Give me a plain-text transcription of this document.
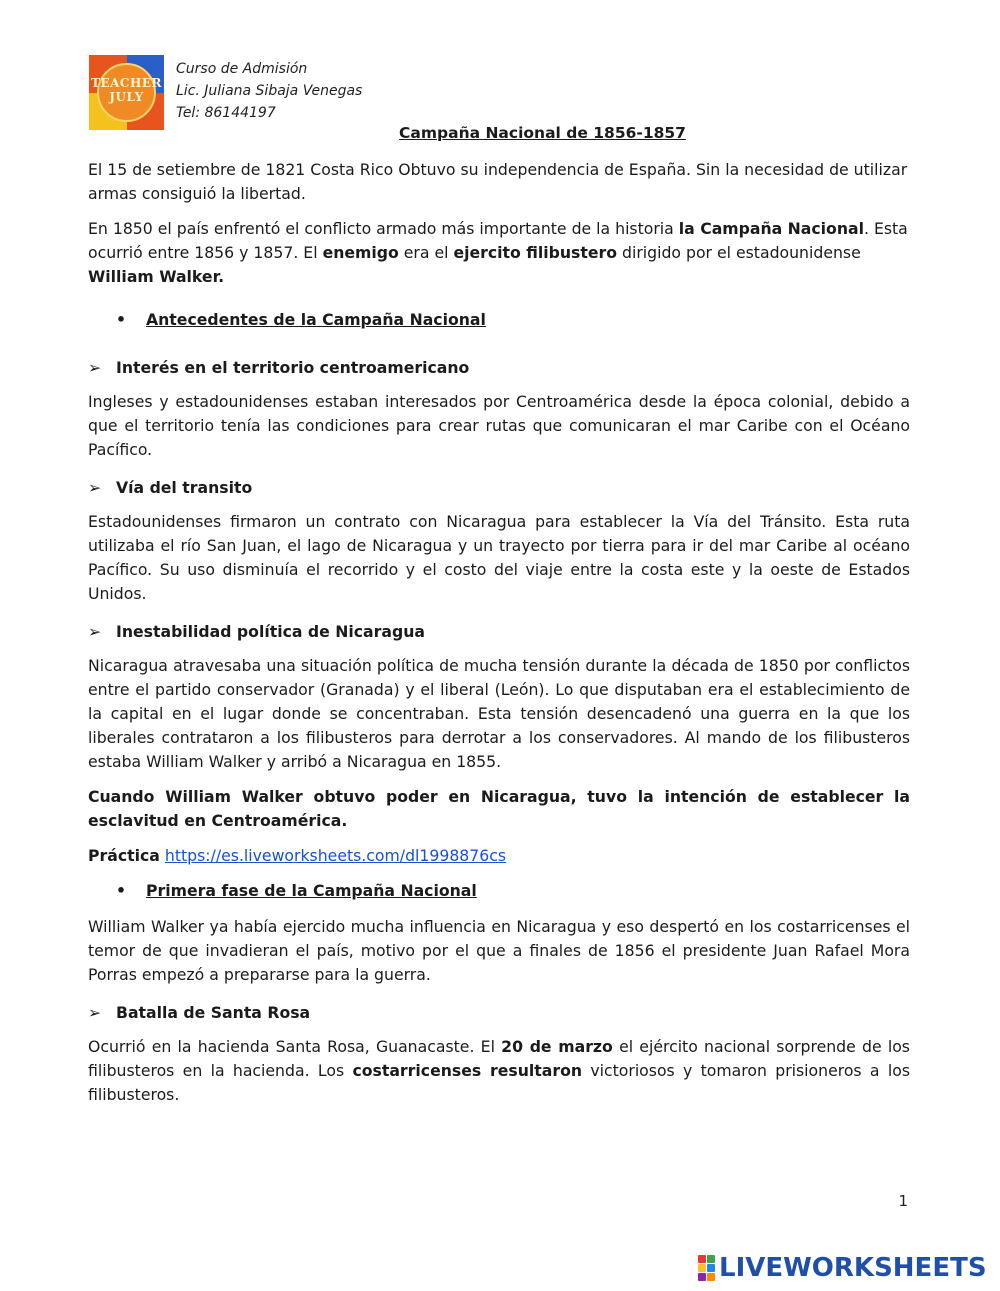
TEACHER
JULY
Curso de Admisión
Lic. Juliana Sibaja Venegas
Tel: 86144197
Campaña Nacional de 1856-1857

El 15 de setiembre de 1821 Costa Rico Obtuvo su independencia de España. Sin la necesidad de utilizar armas consiguió la libertad.

En 1850 el país enfrentó el conflicto armado más importante de la historia la Campaña Nacional. Esta ocurrió entre 1856 y 1857. El enemigo era el ejercito filibustero dirigido por el estadounidense William Walker.

• Antecedentes de la Campaña Nacional
➢ Interés en el territorio centroamericano

Ingleses y estadounidenses estaban interesados por Centroamérica desde la época colonial, debido a que el territorio tenía las condiciones para crear rutas que comunicaran el mar Caribe con el Océano Pacífico.

➢ Vía del transito

Estadounidenses firmaron un contrato con Nicaragua para establecer la Vía del Tránsito. Esta ruta utilizaba el río San Juan, el lago de Nicaragua y un trayecto por tierra para ir del mar Caribe al océano Pacífico. Su uso disminuía el recorrido y el costo del viaje entre la costa este y la oeste de Estados Unidos.

➢ Inestabilidad política de Nicaragua

Nicaragua atravesaba una situación política de mucha tensión durante la década de 1850 por conflictos entre el partido conservador (Granada) y el liberal (León). Lo que disputaban era el establecimiento de la capital en el lugar donde se concentraban. Esta tensión desencadenó una guerra en la que los liberales contrataron a los filibusteros para derrotar a los conservadores. Al mando de los filibusteros estaba William Walker y arribó a Nicaragua en 1855.

Cuando William Walker obtuvo poder en Nicaragua, tuvo la intención de establecer la esclavitud en Centroamérica.

Práctica https://es.liveworksheets.com/dl1998876cs

• Primera fase de la Campaña Nacional

William Walker ya había ejercido mucha influencia en Nicaragua y eso despertó en los costarricenses el temor de que invadieran el país, motivo por el que a finales de 1856 el presidente Juan Rafael Mora Porras empezó a prepararse para la guerra.

➢ Batalla de Santa Rosa

Ocurrió en la hacienda Santa Rosa, Guanacaste. El 20 de marzo el ejército nacional sorprende de los filibusteros en la hacienda. Los costarricenses resultaron victoriosos y tomaron prisioneros a los filibusteros.

1
LIVEWORKSHEETS
